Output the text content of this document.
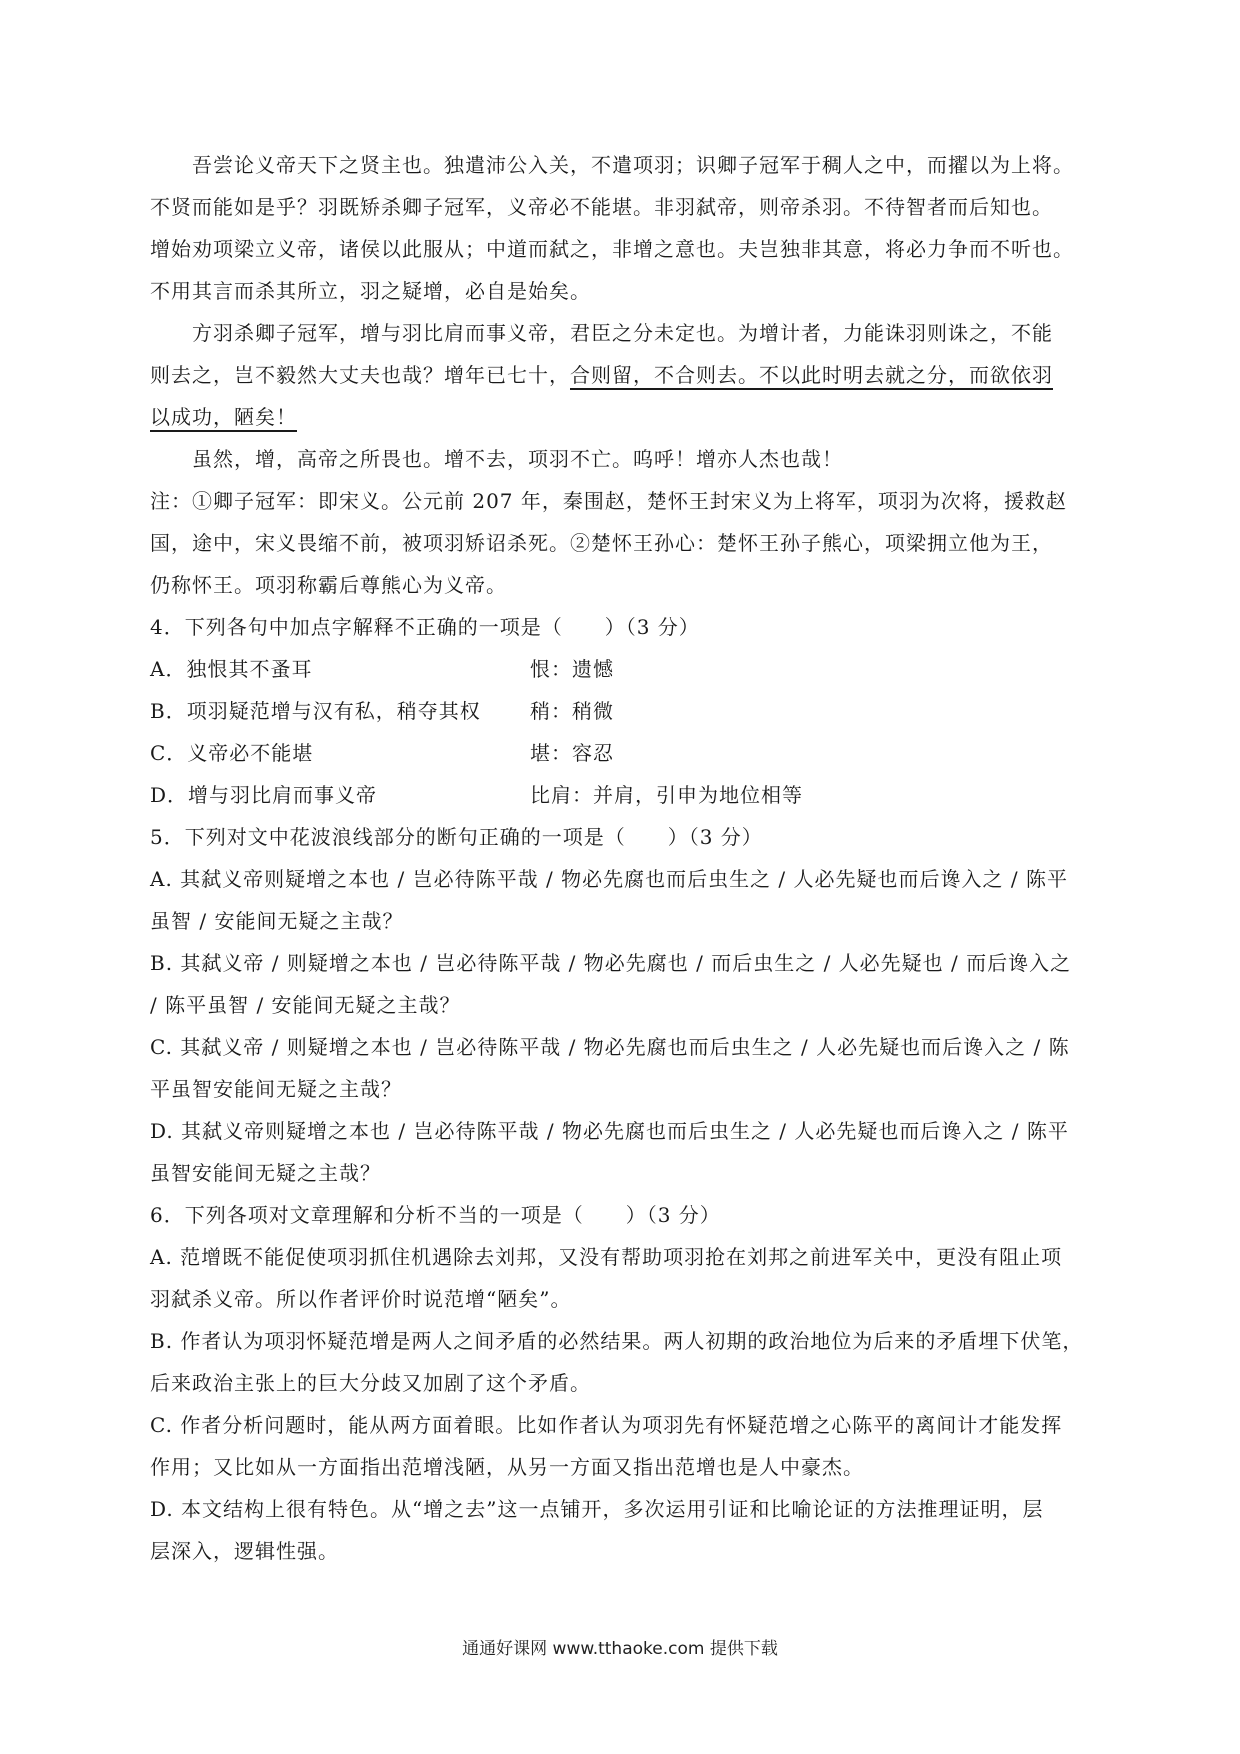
吾尝论义帝天下之贤主也。独遣沛公入关，不遣项羽；识卿子冠军于稠人之中，而擢以为上将。
不贤而能如是乎？羽既矫杀卿子冠军，义帝必不能堪。非羽弑帝，则帝杀羽。不待智者而后知也。
增始劝项梁立义帝，诸侯以此服从；中道而弑之，非增之意也。夫岂独非其意，将必力争而不听也。
不用其言而杀其所立，羽之疑增，必自是始矣。
方羽杀卿子冠军，增与羽比肩而事义帝，君臣之分未定也。为增计者，力能诛羽则诛之，不能
则去之，岂不毅然大丈夫也哉？增年已七十，合则留，不合则去。不以此时明去就之分，而欲依羽
以成功，陋矣！
虽然，增，高帝之所畏也。增不去，项羽不亡。呜呼！增亦人杰也哉！
注：①卿子冠军：即宋义。公元前 207 年，秦围赵，楚怀王封宋义为上将军，项羽为次将，援救赵
国，途中，宋义畏缩不前，被项羽矫诏杀死。②楚怀王孙心：楚怀王孙子熊心，项梁拥立他为王，
仍称怀王。项羽称霸后尊熊心为义帝。
4．下列各句中加点字解释不正确的一项是（　　）（3 分）
A．独恨其不蚤耳	恨：遗憾
B．项羽疑范增与汉有私，稍夺其权	稍：稍微
C．义帝必不能堪	堪：容忍
D．增与羽比肩而事义帝	比肩：并肩，引申为地位相等
5．下列对文中花波浪线部分的断句正确的一项是（　　）（3 分）
A. 其弑义帝则疑增之本也 / 岂必待陈平哉 / 物必先腐也而后虫生之 / 人必先疑也而后谗入之 / 陈平
虽智 / 安能间无疑之主哉？
B. 其弑义帝 / 则疑增之本也 / 岂必待陈平哉 / 物必先腐也 / 而后虫生之 / 人必先疑也 / 而后谗入之
/ 陈平虽智 / 安能间无疑之主哉？
C. 其弑义帝 / 则疑增之本也 / 岂必待陈平哉 / 物必先腐也而后虫生之 / 人必先疑也而后谗入之 / 陈
平虽智安能间无疑之主哉？
D. 其弑义帝则疑增之本也 / 岂必待陈平哉 / 物必先腐也而后虫生之 / 人必先疑也而后谗入之 / 陈平
虽智安能间无疑之主哉？
6．下列各项对文章理解和分析不当的一项是（　　）（3 分）
A. 范增既不能促使项羽抓住机遇除去刘邦，又没有帮助项羽抢在刘邦之前进军关中，更没有阻止项
羽弑杀义帝。所以作者评价时说范增“陋矣”。
B. 作者认为项羽怀疑范增是两人之间矛盾的必然结果。两人初期的政治地位为后来的矛盾埋下伏笔，
后来政治主张上的巨大分歧又加剧了这个矛盾。
C. 作者分析问题时，能从两方面着眼。比如作者认为项羽先有怀疑范增之心陈平的离间计才能发挥
作用；又比如从一方面指出范增浅陋，从另一方面又指出范增也是人中豪杰。
D. 本文结构上很有特色。从“增之去”这一点铺开，多次运用引证和比喻论证的方法推理证明，层
层深入，逻辑性强。
通通好课网 www.tthaoke.com 提供下载
